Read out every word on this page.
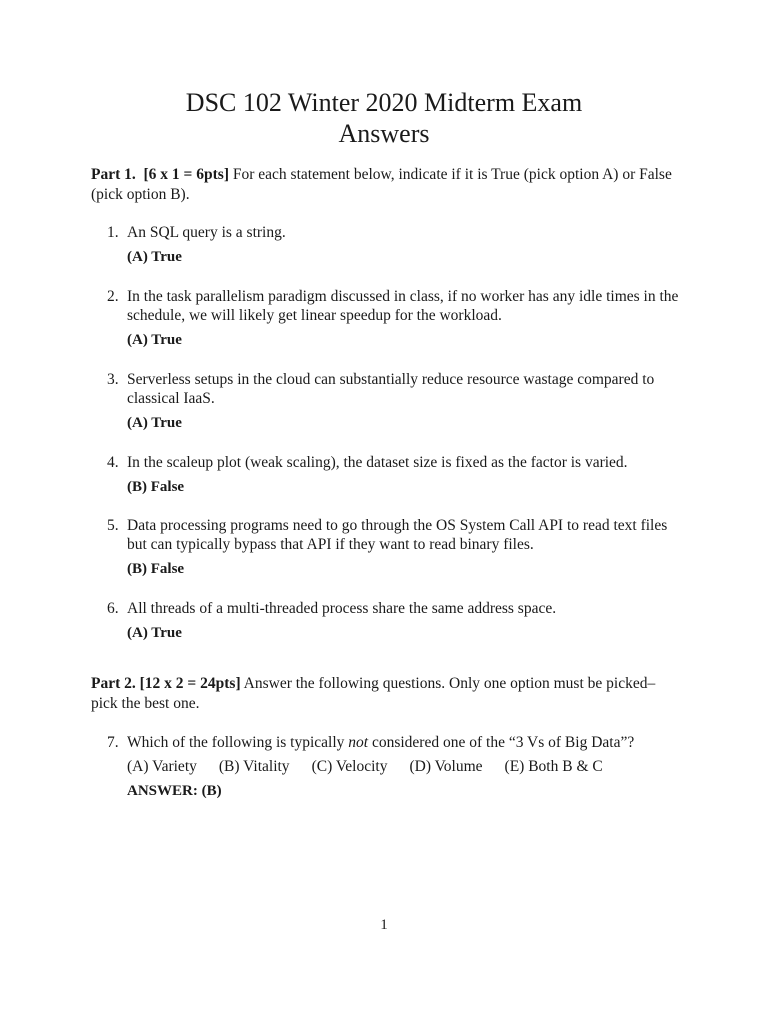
DSC 102 Winter 2020 Midterm Exam
Answers
Part 1. [6 x 1 = 6pts] For each statement below, indicate if it is True (pick option A) or False (pick option B).
1. An SQL query is a string.
(A) True
2. In the task parallelism paradigm discussed in class, if no worker has any idle times in the schedule, we will likely get linear speedup for the workload.
(A) True
3. Serverless setups in the cloud can substantially reduce resource wastage compared to classical IaaS.
(A) True
4. In the scaleup plot (weak scaling), the dataset size is fixed as the factor is varied.
(B) False
5. Data processing programs need to go through the OS System Call API to read text files but can typically bypass that API if they want to read binary files.
(B) False
6. All threads of a multi-threaded process share the same address space.
(A) True
Part 2. [12 x 2 = 24pts] Answer the following questions. Only one option must be picked–pick the best one.
7. Which of the following is typically not considered one of the “3 Vs of Big Data”?
(A) Variety (B) Vitality (C) Velocity (D) Volume (E) Both B & C
ANSWER: (B)
1
